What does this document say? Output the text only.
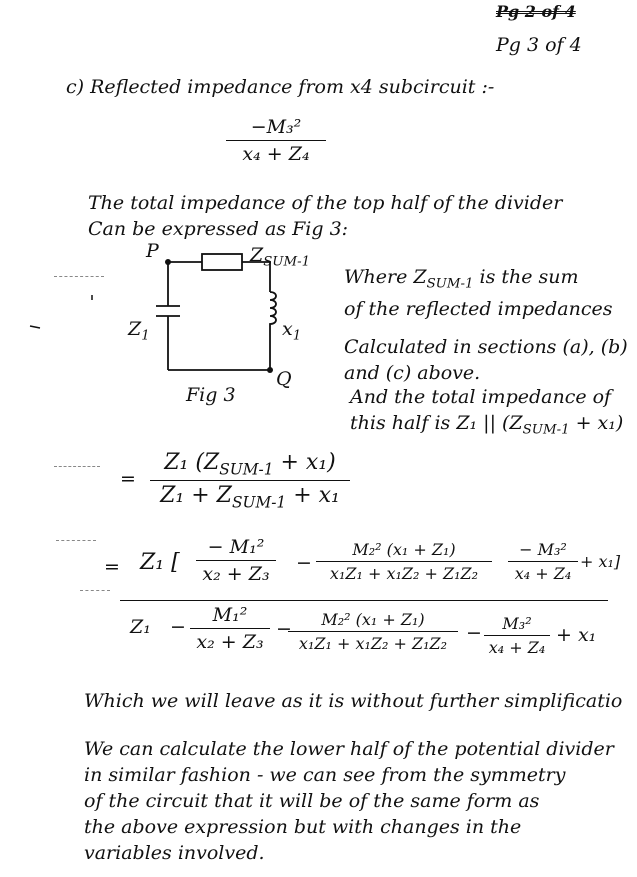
Pg 2 of 4
Pg 3 of 4
c) Reflected impedance from x4 subcircuit :-
−M₃²
x₄ + Z₄
The total impedance of the top half of the divider
Can be expressed as Fig 3:
P
Q
$Z_{SUM-1}$
$Z_1$	$x_1$
Fig 3
Where $Z_{SUM-1}$ is the sum
of the reflected impedances
Calculated in sections (a), (b)
and (c) above.
And the total impedance of
this half is Z₁ || $(Z_{SUM-1} + x_1)$
=
Z₁ $(Z_{SUM-1} + x_1)$
$Z_1 + Z_{SUM-1} + x_1$
= Z₁ [
− M₁²
x₂ + Z₃	−
M₂² (x₁ + Z₁)
x₁Z₁ + x₁Z₂ + Z₁Z₂
− M₃²
x₄ + Z₄
+ x₁]
Z₁ −
M₁²
x₂ + Z₃
−	M₂² (x₁ + Z₁)
x₁Z₁ + x₁Z₂ + Z₁Z₂ −	M₃²
x₄ + Z₄
+ x₁
Which we will leave as it is without further simplificatio
We can calculate the lower half of the potential divider
in similar fashion - we can see from the symmetry
of the circuit that it will be of the same form as
the above expression but with changes in the
variables involved.
